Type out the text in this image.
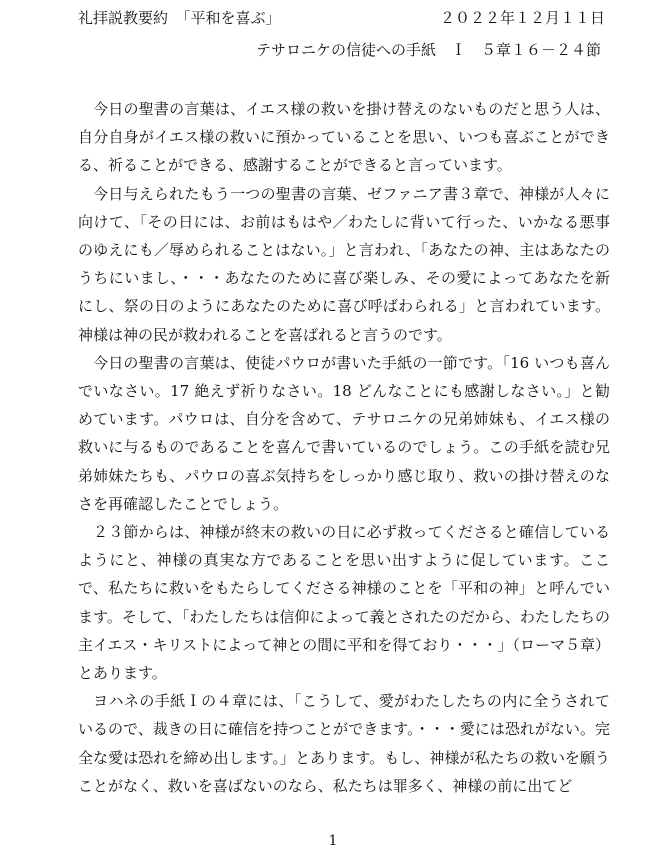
礼拝説教要約　「平和を喜ぶ」	２０２２年１２月１１日
テサロニケの信徒への手紙　Ｉ　５章１６－２４節

今日の聖書の言葉は、イエス様の救いを掛け替えのないものだと思う人は、自分自身がイエス様の救いに預かっていることを思い、いつも喜ぶことができる、祈ることができる、感謝することができると言っています。

今日与えられたもう一つの聖書の言葉、ゼファニア書３章で、神様が人々に向けて、「その日には、お前はもはや／わたしに背いて行った、いかなる悪事のゆえにも／辱められることはない。」と言われ、「あなたの神、主はあなたのうちにいまし、・・・あなたのために喜び楽しみ、その愛によってあなたを新にし、祭の日のようにあなたのために喜び呼ばわられる」と言われています。神様は神の民が救われることを喜ばれると言うのです。

今日の聖書の言葉は、使徒パウロが書いた手紙の一節です。「16 いつも喜んでいなさい。17 絶えず祈りなさい。18 どんなことにも感謝しなさい。」と勧めています。パウロは、自分を含めて、テサロニケの兄弟姉妹も、イエス様の救いに与るものであることを喜んで書いているのでしょう。この手紙を読む兄弟姉妹たちも、パウロの喜ぶ気持ちをしっかり感じ取り、救いの掛け替えのなさを再確認したことでしょう。

２３節からは、神様が終末の救いの日に必ず救ってくださると確信しているようにと、神様の真実な方であることを思い出すように促しています。ここで、私たちに救いをもたらしてくださる神様のことを「平和の神」と呼んでいます。そして、「わたしたちは信仰によって義とされたのだから、わたしたちの主イエス・キリストによって神との間に平和を得ており・・・」（ローマ５章）とあります。

ヨハネの手紙Ｉの４章には、「こうして、愛がわたしたちの内に全うされているので、裁きの日に確信を持つことができます。・・・愛には恐れがない。完全な愛は恐れを締め出します。」とあります。もし、神様が私たちの救いを願うことがなく、救いを喜ばないのなら、私たちは罪多く、神様の前に出てど

1
